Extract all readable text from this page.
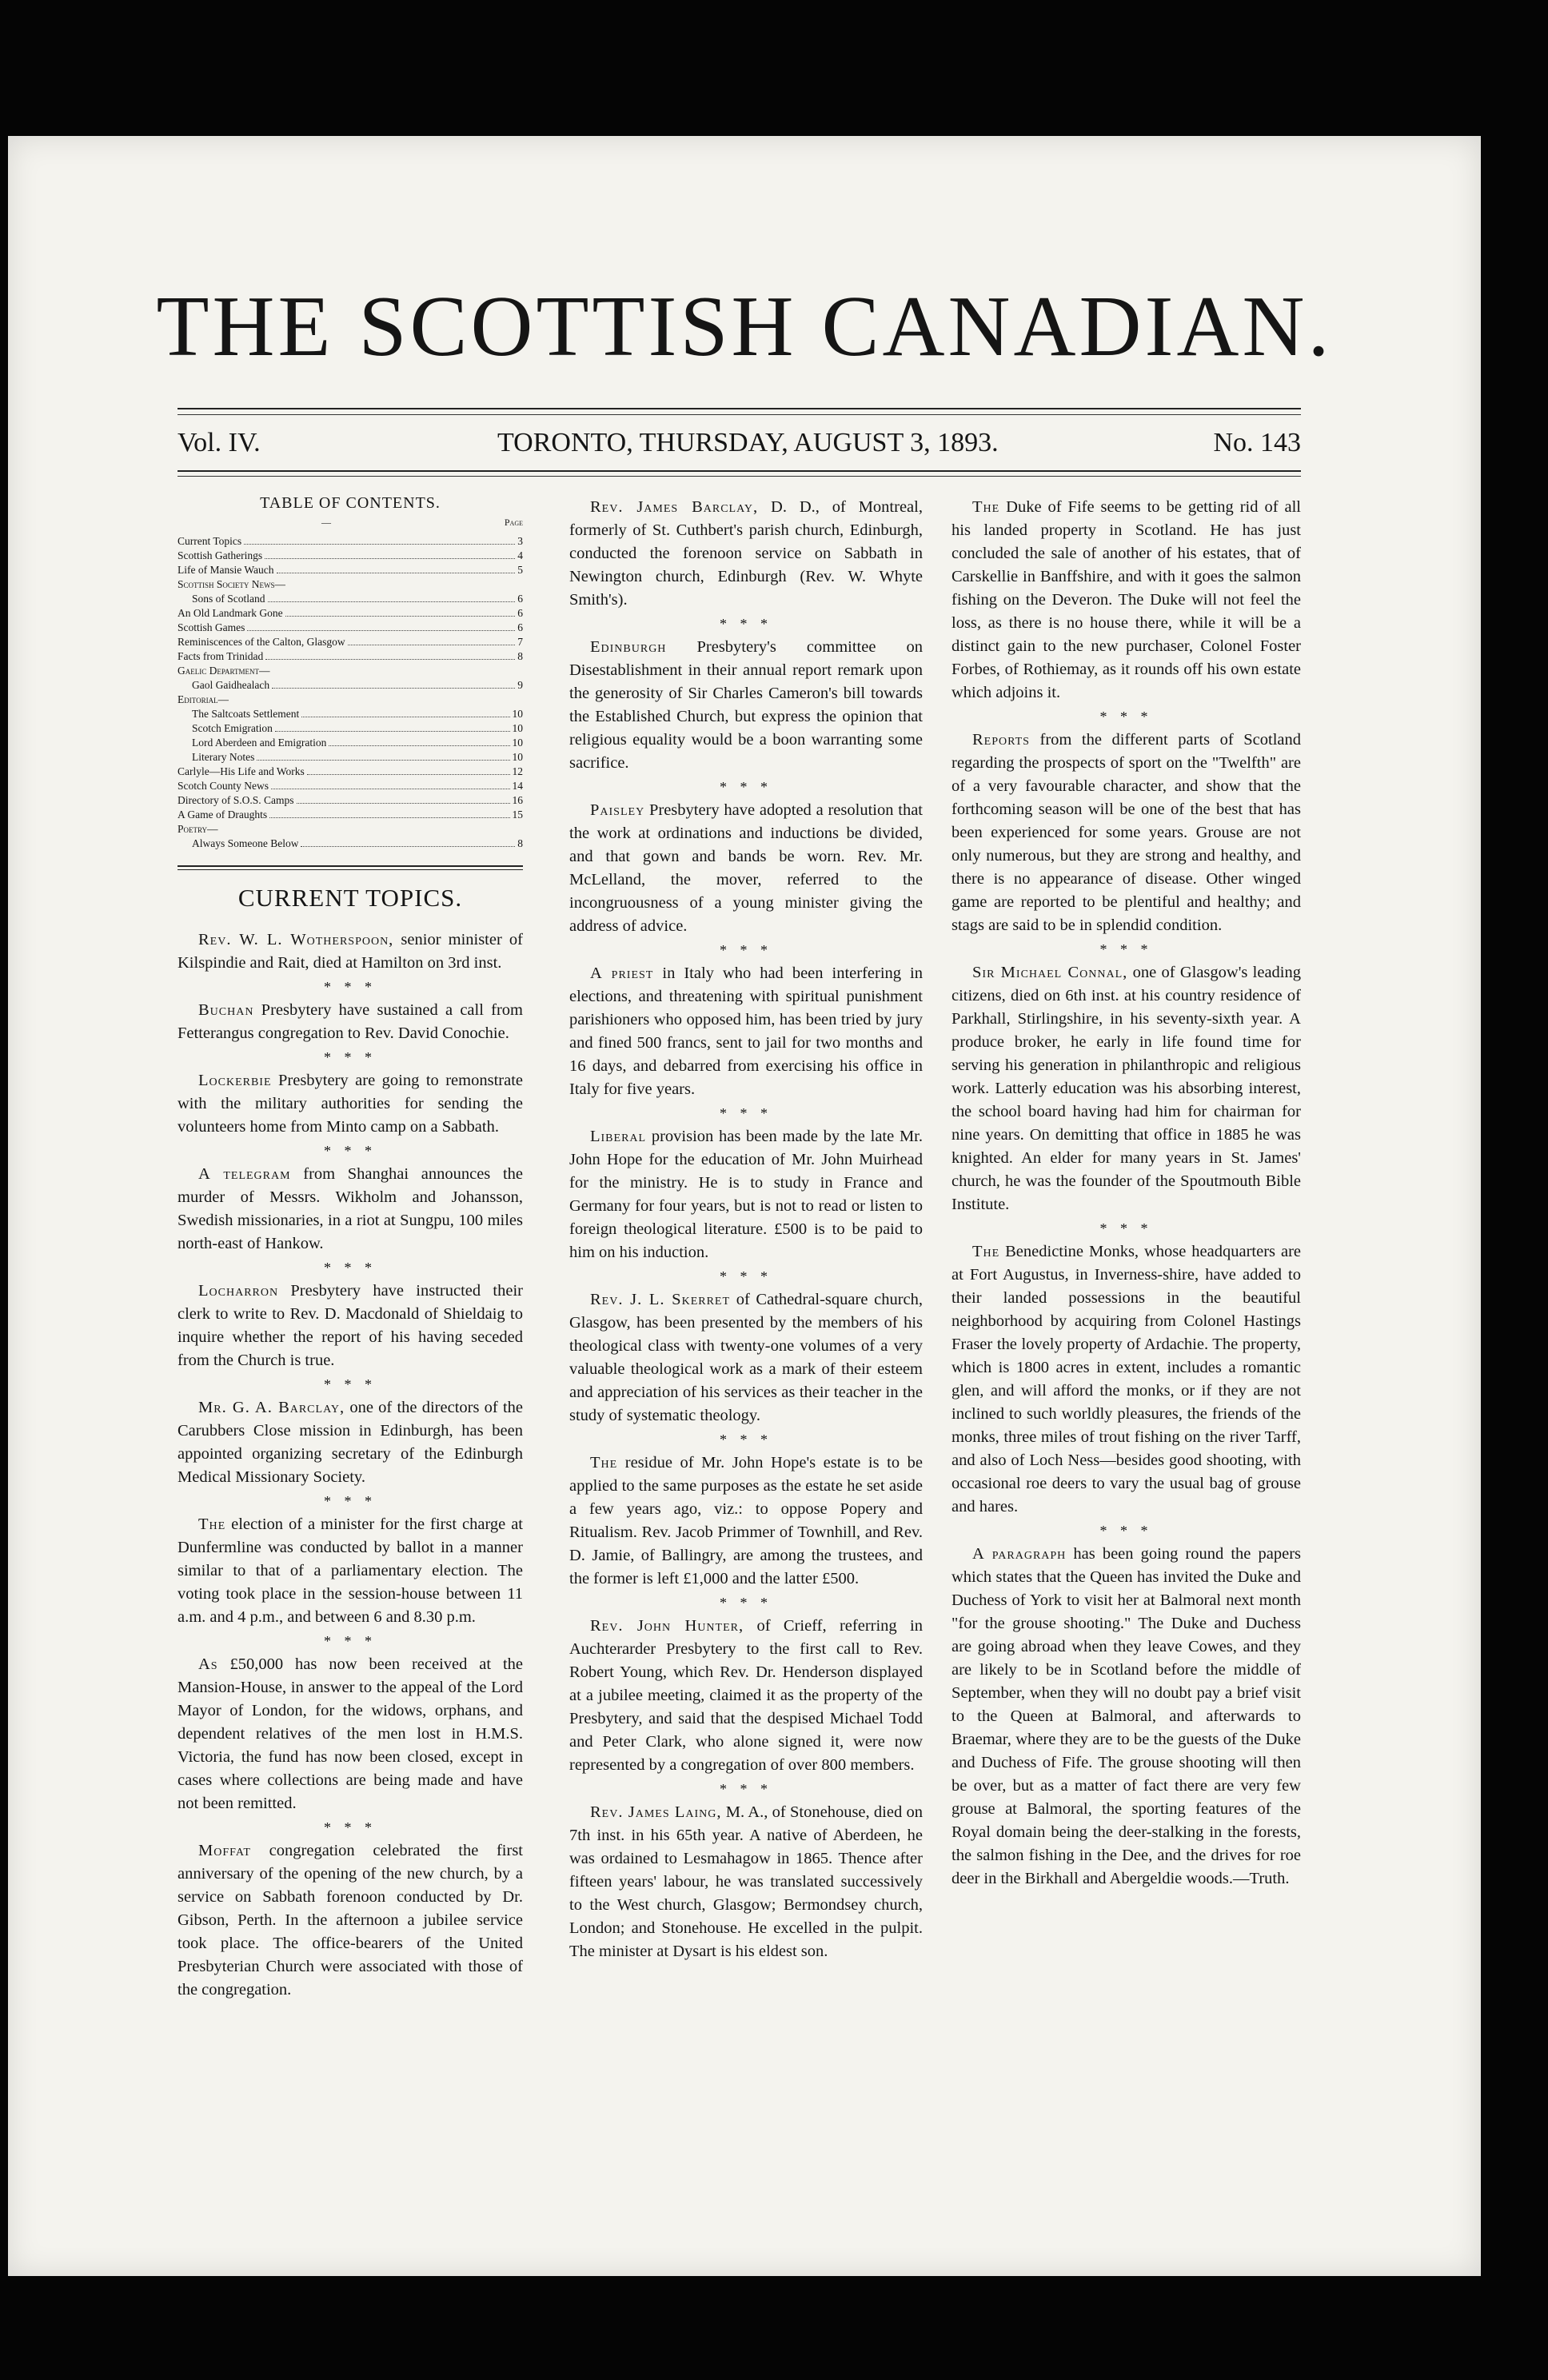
THE SCOTTISH CANADIAN.
Vol. IV.	TORONTO, THURSDAY, AUGUST 3, 1893.	No. 143

TABLE OF CONTENTS.

—	Page
Current Topics	3
Scottish Gatherings	4
Life of Mansie Wauch	5
Scottish Society News—
Sons of Scotland	6
An Old Landmark Gone	6
Scottish Games	6
Reminiscences of the Calton, Glasgow	7
Facts from Trinidad	8
Gaelic Department—
Gaol Gaidhealach	9
Editorial—
The Saltcoats Settlement	10
Scotch Emigration	10
Lord Aberdeen and Emigration	10
Literary Notes	10
Carlyle—His Life and Works	12
Scotch County News	14
Directory of S.O.S. Camps	16
A Game of Draughts	15
Poetry—
Always Someone Below	8
CURRENT TOPICS.

Rev. W. L. Wotherspoon, senior minister of Kilspindie and Rait, died at Hamilton on 3rd inst.

* * *

Buchan Presbytery have sustained a call from Fetterangus congregation to Rev. David Conochie.

* * *

Lockerbie Presbytery are going to remonstrate with the military authorities for sending the volunteers home from Minto camp on a Sabbath.

* * *

A telegram from Shanghai announces the murder of Messrs. Wikholm and Johansson, Swedish missionaries, in a riot at Sungpu, 100 miles north-east of Hankow.

* * *

Locharron Presbytery have instructed their clerk to write to Rev. D. Macdonald of Shieldaig to inquire whether the report of his having seceded from the Church is true.

* * *

Mr. G. A. Barclay, one of the directors of the Carubbers Close mission in Edinburgh, has been appointed organizing secretary of the Edinburgh Medical Missionary Society.

* * *

The election of a minister for the first charge at Dunfermline was conducted by ballot in a manner similar to that of a parliamentary election. The voting took place in the session-house between 11 a.m. and 4 p.m., and between 6 and 8.30 p.m.

* * *

As £50,000 has now been received at the Mansion-House, in answer to the appeal of the Lord Mayor of London, for the widows, orphans, and dependent relatives of the men lost in H.M.S. Victoria, the fund has now been closed, except in cases where collections are being made and have not been remitted.

* * *

Moffat congregation celebrated the first anniversary of the opening of the new church, by a service on Sabbath forenoon conducted by Dr. Gibson, Perth. In the afternoon a jubilee service took place. The office-bearers of the United Presbyterian Church were associated with those of the congregation.

Rev. James Barclay, D. D., of Montreal, formerly of St. Cuthbert's parish church, Edinburgh, conducted the forenoon service on Sabbath in Newington church, Edinburgh (Rev. W. Whyte Smith's).

* * *

Edinburgh Presbytery's committee on Disestablishment in their annual report remark upon the generosity of Sir Charles Cameron's bill towards the Established Church, but express the opinion that religious equality would be a boon warranting some sacrifice.

* * *

Paisley Presbytery have adopted a resolution that the work at ordinations and inductions be divided, and that gown and bands be worn. Rev. Mr. McLelland, the mover, referred to the incongruousness of a young minister giving the address of advice.

* * *

A priest in Italy who had been interfering in elections, and threatening with spiritual punishment parishioners who opposed him, has been tried by jury and fined 500 francs, sent to jail for two months and 16 days, and debarred from exercising his office in Italy for five years.

* * *

Liberal provision has been made by the late Mr. John Hope for the education of Mr. John Muirhead for the ministry. He is to study in France and Germany for four years, but is not to read or listen to foreign theological literature. £500 is to be paid to him on his induction.

* * *

Rev. J. L. Skerret of Cathedral-square church, Glasgow, has been presented by the members of his theological class with twenty-one volumes of a very valuable theological work as a mark of their esteem and appreciation of his services as their teacher in the study of systematic theology.

* * *

The residue of Mr. John Hope's estate is to be applied to the same purposes as the estate he set aside a few years ago, viz.: to oppose Popery and Ritualism. Rev. Jacob Primmer of Townhill, and Rev. D. Jamie, of Ballingry, are among the trustees, and the former is left £1,000 and the latter £500.

* * *

Rev. John Hunter, of Crieff, referring in Auchterarder Presbytery to the first call to Rev. Robert Young, which Rev. Dr. Henderson displayed at a jubilee meeting, claimed it as the property of the Presbytery, and said that the despised Michael Todd and Peter Clark, who alone signed it, were now represented by a congregation of over 800 members.

* * *

Rev. James Laing, M. A., of Stonehouse, died on 7th inst. in his 65th year. A native of Aberdeen, he was ordained to Lesmahagow in 1865. Thence after fifteen years' labour, he was translated successively to the West church, Glasgow; Bermondsey church, London; and Stonehouse. He excelled in the pulpit. The minister at Dysart is his eldest son.

The Duke of Fife seems to be getting rid of all his landed property in Scotland. He has just concluded the sale of another of his estates, that of Carskellie in Banffshire, and with it goes the salmon fishing on the Deveron. The Duke will not feel the loss, as there is no house there, while it will be a distinct gain to the new purchaser, Colonel Foster Forbes, of Rothiemay, as it rounds off his own estate which adjoins it.

* * *

Reports from the different parts of Scotland regarding the prospects of sport on the "Twelfth" are of a very favourable character, and show that the forthcoming season will be one of the best that has been experienced for some years. Grouse are not only numerous, but they are strong and healthy, and there is no appearance of disease. Other winged game are reported to be plentiful and healthy; and stags are said to be in splendid condition.

* * *

Sir Michael Connal, one of Glasgow's leading citizens, died on 6th inst. at his country residence of Parkhall, Stirlingshire, in his seventy-sixth year. A produce broker, he early in life found time for serving his generation in philanthropic and religious work. Latterly education was his absorbing interest, the school board having had him for chairman for nine years. On demitting that office in 1885 he was knighted. An elder for many years in St. James' church, he was the founder of the Spoutmouth Bible Institute.

* * *

The Benedictine Monks, whose headquarters are at Fort Augustus, in Inverness-shire, have added to their landed possessions in the beautiful neighborhood by acquiring from Colonel Hastings Fraser the lovely property of Ardachie. The property, which is 1800 acres in extent, includes a romantic glen, and will afford the monks, or if they are not inclined to such worldly pleasures, the friends of the monks, three miles of trout fishing on the river Tarff, and also of Loch Ness—besides good shooting, with occasional roe deers to vary the usual bag of grouse and hares.

* * *

A paragraph has been going round the papers which states that the Queen has invited the Duke and Duchess of York to visit her at Balmoral next month "for the grouse shooting." The Duke and Duchess are going abroad when they leave Cowes, and they are likely to be in Scotland before the middle of September, when they will no doubt pay a brief visit to the Queen at Balmoral, and afterwards to Braemar, where they are to be the guests of the Duke and Duchess of Fife. The grouse shooting will then be over, but as a matter of fact there are very few grouse at Balmoral, the sporting features of the Royal domain being the deer-stalking in the forests, the salmon fishing in the Dee, and the drives for roe deer in the Birkhall and Abergeldie woods.—Truth.
